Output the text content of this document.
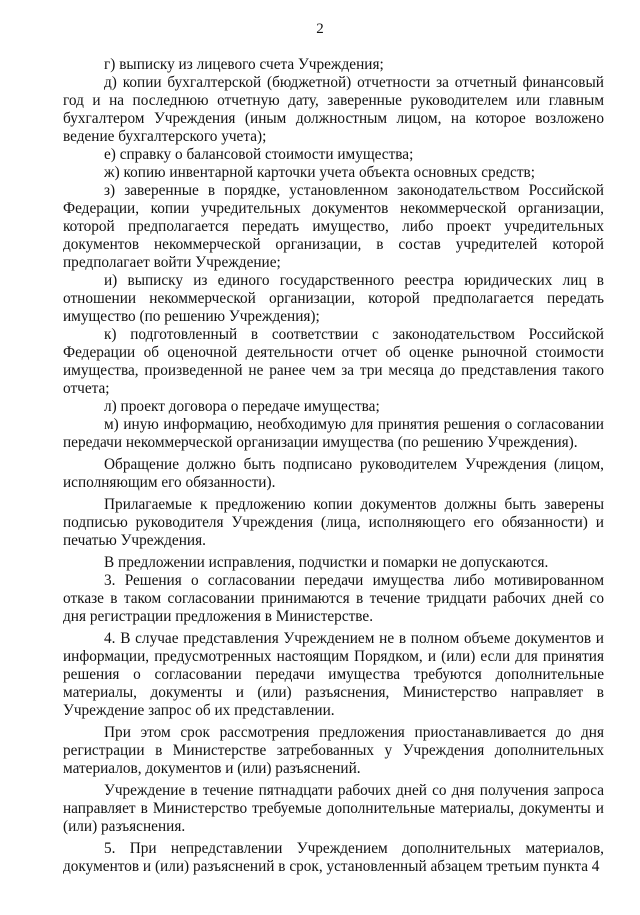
2

г) выписку из лицевого счета Учреждения;

д) копии бухгалтерской (бюджетной) отчетности за отчетный финансовый год и на последнюю отчетную дату, заверенные руководителем или главным бухгалтером Учреждения (иным должностным лицом, на которое возложено ведение бухгалтерского учета);

е) справку о балансовой стоимости имущества;

ж) копию инвентарной карточки учета объекта основных средств;

з) заверенные в порядке, установленном законодательством Российской Федерации, копии учредительных документов некоммерческой организации, которой предполагается передать имущество, либо проект учредительных документов некоммерческой организации, в состав учредителей которой предполагает войти Учреждение;

и) выписку из единого государственного реестра юридических лиц в отношении некоммерческой организации, которой предполагается передать имущество (по решению Учреждения);

к) подготовленный в соответствии с законодательством Российской Федерации об оценочной деятельности отчет об оценке рыночной стоимости имущества, произведенной не ранее чем за три месяца до представления такого отчета;

л) проект договора о передаче имущества;

м) иную информацию, необходимую для принятия решения о согласовании передачи некоммерческой организации имущества (по решению Учреждения).

Обращение должно быть подписано руководителем Учреждения (лицом, исполняющим его обязанности).

Прилагаемые к предложению копии документов должны быть заверены подписью руководителя Учреждения (лица, исполняющего его обязанности) и печатью Учреждения.

В предложении исправления, подчистки и помарки не допускаются.

3. Решения о согласовании передачи имущества либо мотивированном отказе в таком согласовании принимаются в течение тридцати рабочих дней со дня регистрации предложения в Министерстве.

4. В случае представления Учреждением не в полном объеме документов и информации, предусмотренных настоящим Порядком, и (или) если для принятия решения о согласовании передачи имущества требуются дополнительные материалы, документы и (или) разъяснения, Министерство направляет в Учреждение запрос об их представлении.

При этом срок рассмотрения предложения приостанавливается до дня регистрации в Министерстве затребованных у Учреждения дополнительных материалов, документов и (или) разъяснений.

Учреждение в течение пятнадцати рабочих дней со дня получения запроса направляет в Министерство требуемые дополнительные материалы, документы и (или) разъяснения.

5. При непредставлении Учреждением дополнительных материалов, документов и (или) разъяснений в срок, установленный абзацем третьим пункта 4
